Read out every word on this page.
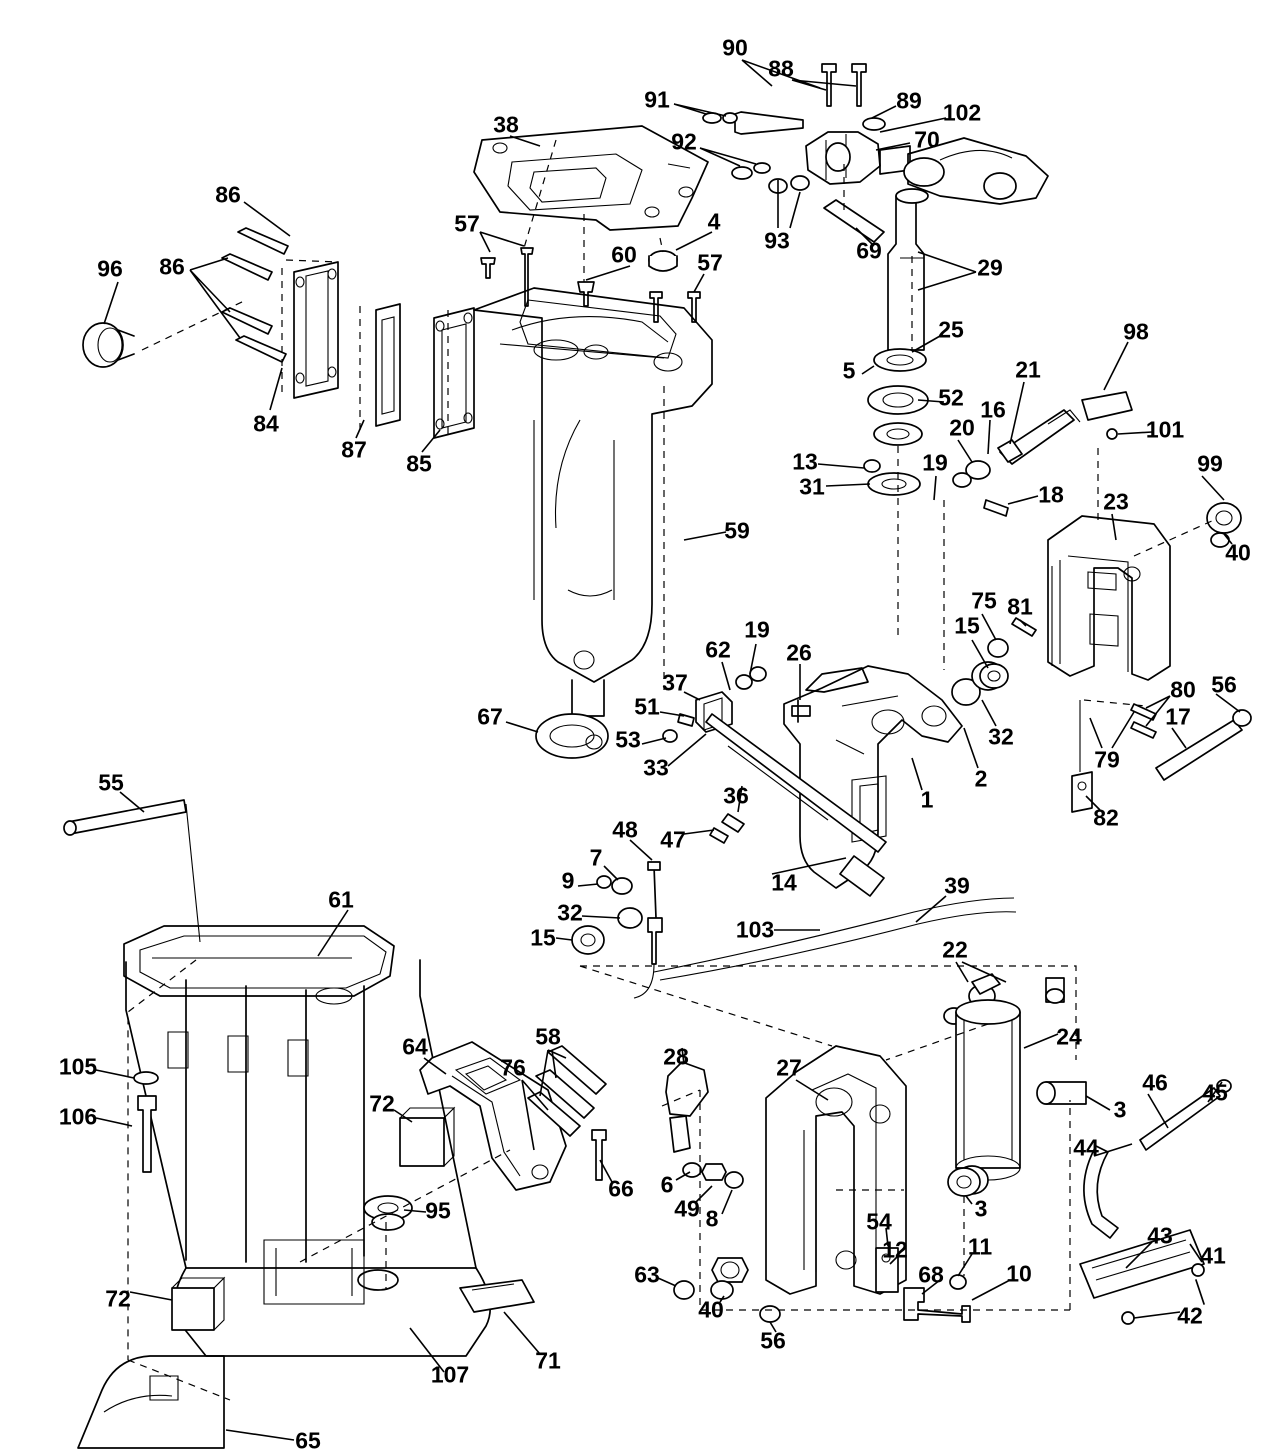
90
88
91	89 102
92	70
38
86
57	4
93	69
29
96 86	60	57
25	98
5	21
84
87
85
52 16
20	101
13	19	99
31	18 23
40
59
75 81
15
19
62 26
56
80
37
67	51	17
53	32
33	79
2
1
36
82
55
47
48
7
9	14	39
61	32
15	103
22
24
105
64	58
28	27
76
106	72
46 45
3
44
66 6
49 8	3
43
95	54
12	11
10
41
63	68
40
56
42
72
107
71
65
